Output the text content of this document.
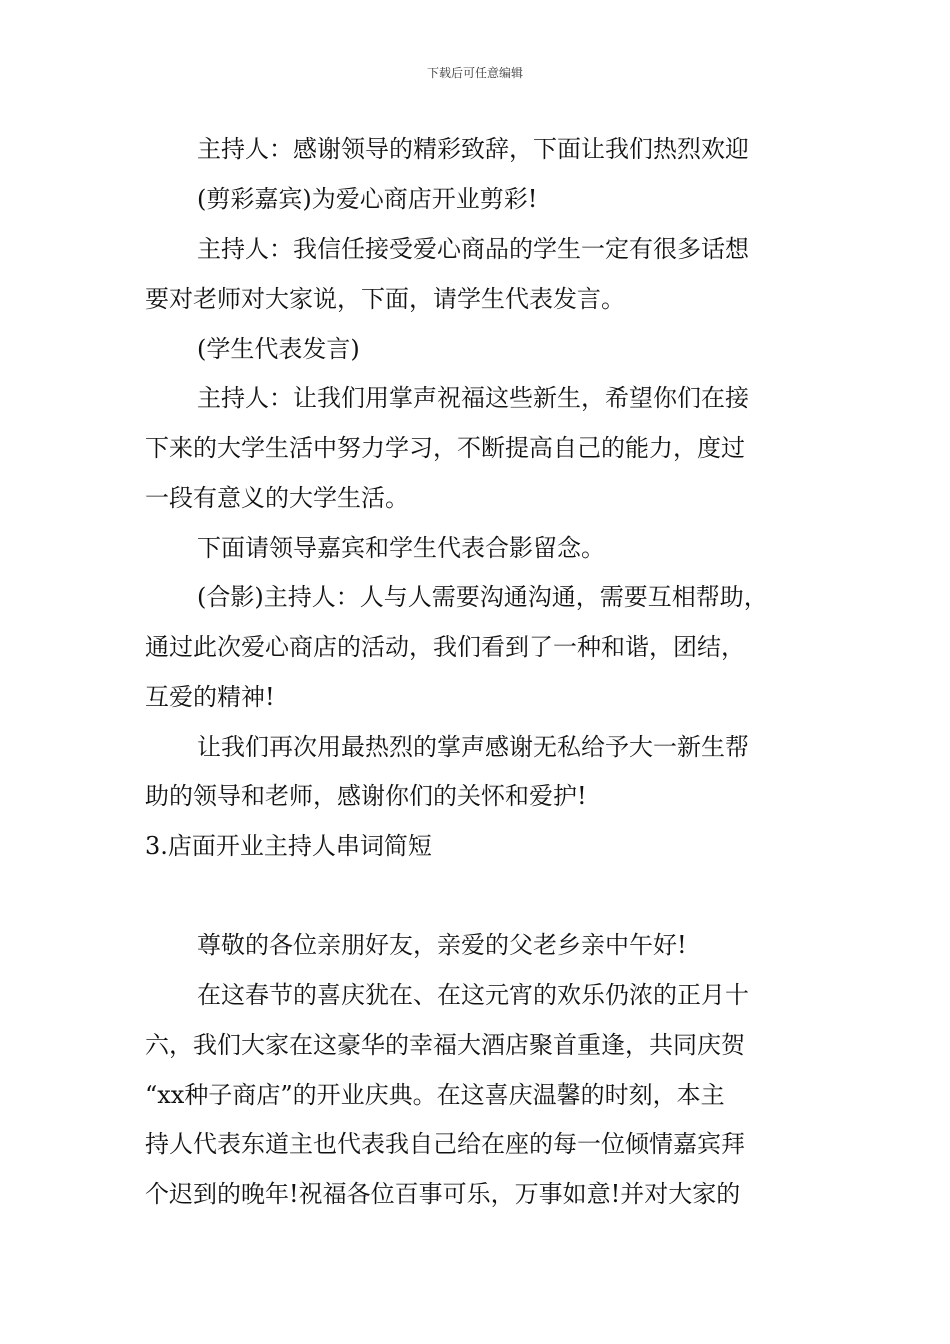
下载后可任意编辑
主持人：感谢领导的精彩致辞，下面让我们热烈欢迎
(剪彩嘉宾)为爱心商店开业剪彩!
主持人：我信任接受爱心商品的学生一定有很多话想
要对老师对大家说，下面，请学生代表发言。
(学生代表发言)
主持人：让我们用掌声祝福这些新生，希望你们在接
下来的大学生活中努力学习，不断提高自己的能力，度过
一段有意义的大学生活。
下面请领导嘉宾和学生代表合影留念。
(合影)主持人：人与人需要沟通沟通，需要互相帮助，
通过此次爱心商店的活动，我们看到了一种和谐，团结，
互爱的精神!
让我们再次用最热烈的掌声感谢无私给予大一新生帮
助的领导和老师，感谢你们的关怀和爱护!
3.店面开业主持人串词简短
尊敬的各位亲朋好友，亲爱的父老乡亲中午好!
在这春节的喜庆犹在、在这元宵的欢乐仍浓的正月十
六，我们大家在这豪华的幸福大酒店聚首重逢，共同庆贺
“xx种子商店”的开业庆典。在这喜庆温馨的时刻，本主
持人代表东道主也代表我自己给在座的每一位倾情嘉宾拜
个迟到的晚年!祝福各位百事可乐，万事如意!并对大家的
